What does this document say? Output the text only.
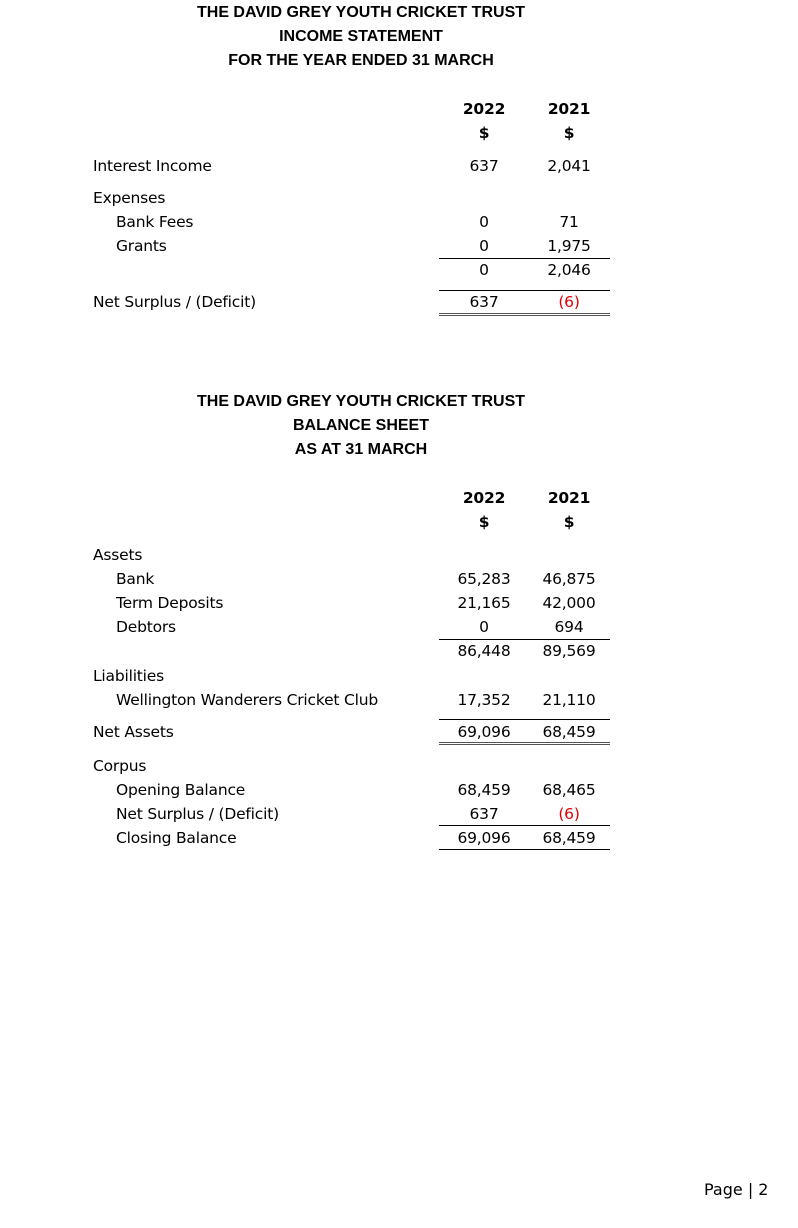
THE DAVID GREY YOUTH CRICKET TRUST
INCOME STATEMENT
FOR THE YEAR ENDED 31 MARCH
2022	2021
$	$
Interest Income	637	2,041
Expenses
Bank Fees	0	71
Grants	0	1,975
0	2,046
Net Surplus / (Deficit)	637	(6)
THE DAVID GREY YOUTH CRICKET TRUST
BALANCE SHEET
AS AT 31 MARCH
2022	2021
$	$
Assets
Bank	65,283	46,875
Term Deposits	21,165	42,000
Debtors	0	694
86,448	89,569
Liabilities
Wellington Wanderers Cricket Club	17,352	21,110
Net Assets	69,096	68,459
Corpus
Opening Balance	68,459	68,465
Net Surplus / (Deficit)	637	(6)
Closing Balance	69,096	68,459
Page | 2
